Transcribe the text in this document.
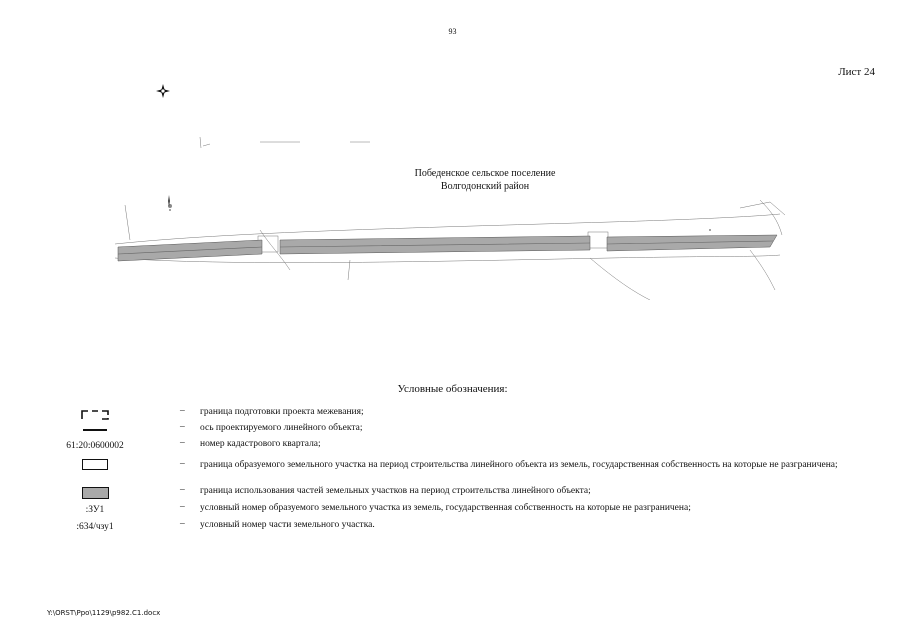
93
Лист 24
Победенское сельское поселение
Волгодонский район
Условные обозначения:
– граница подготовки проекта межевания;
– ось проектируемого линейного объекта;
61:20:0600002	– номер кадастрового квартала;
– граница образуемого земельного участка на период строительства линейного объекта из земель, государственная собственность на которые не разграничена;
– граница использования частей земельных участков на период строительства линейного объекта;
:ЗУ1	– условный номер образуемого земельного участка из земель, государственная собственность на которые не разграничена;
:634/чзу1	– условный номер части земельного участка.
Y:\ORST\Ppo\1129\р982.С1.docx
